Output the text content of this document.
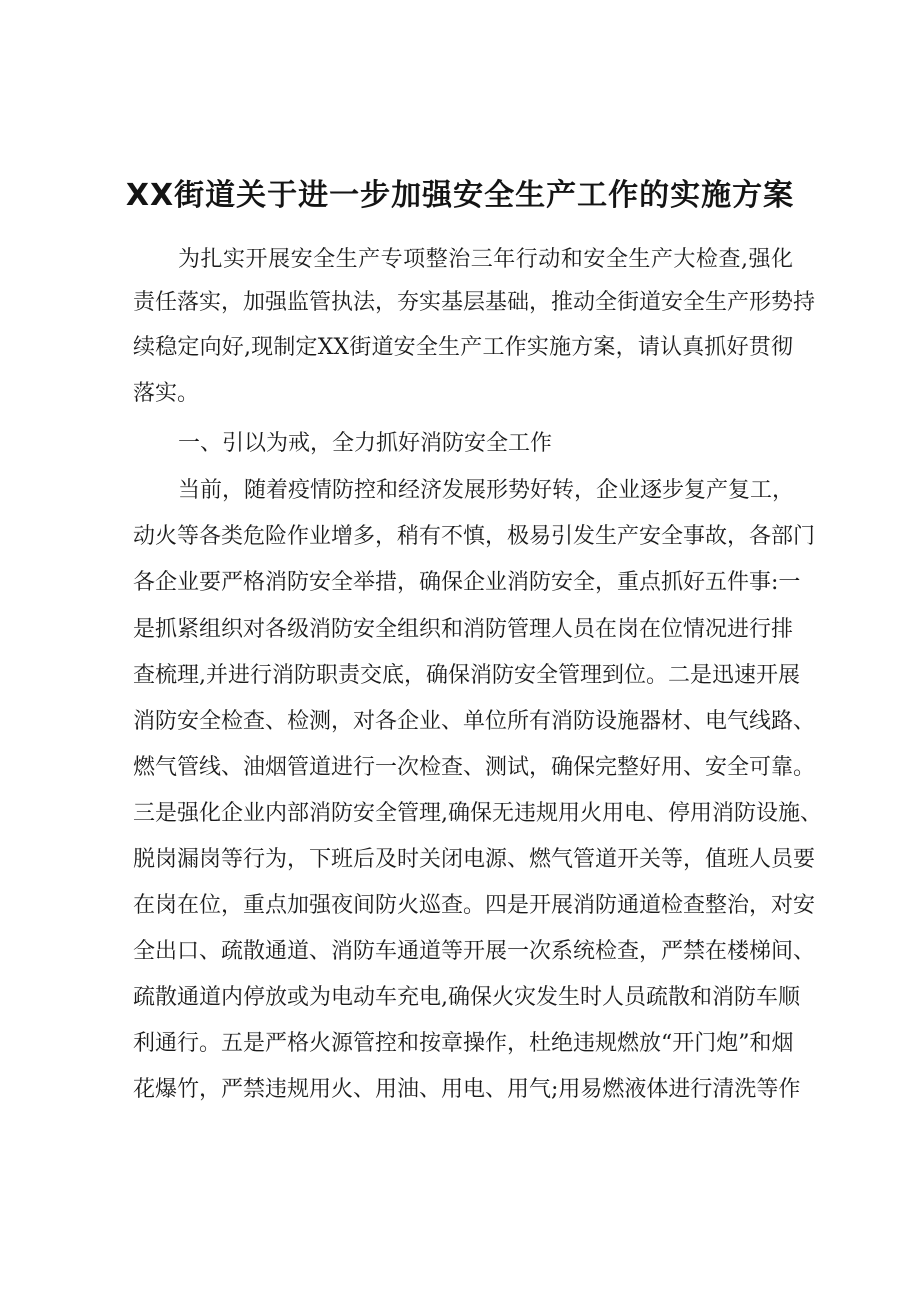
XX街道关于进一步加强安全生产工作的实施方案

为扎实开展安全生产专项整治三年行动和安全生产大检查,强化

责任落实，加强监管执法，夯实基层基础，推动全街道安全生产形势持

续稳定向好,现制定XX街道安全生产工作实施方案，请认真抓好贯彻

落实。

一、引以为戒，全力抓好消防安全工作

当前，随着疫情防控和经济发展形势好转，企业逐步复产复工，

动火等各类危险作业增多，稍有不慎，极易引发生产安全事故，各部门

各企业要严格消防安全举措，确保企业消防安全，重点抓好五件事:一

是抓紧组织对各级消防安全组织和消防管理人员在岗在位情况进行排

查梳理,并进行消防职责交底，确保消防安全管理到位。二是迅速开展

消防安全检查、检测，对各企业、单位所有消防设施器材、电气线路、

燃气管线、油烟管道进行一次检查、测试，确保完整好用、安全可靠。

三是强化企业内部消防安全管理,确保无违规用火用电、停用消防设施、

脱岗漏岗等行为，下班后及时关闭电源、燃气管道开关等，值班人员要

在岗在位，重点加强夜间防火巡查。四是开展消防通道检查整治，对安

全出口、疏散通道、消防车通道等开展一次系统检查，严禁在楼梯间、

疏散通道内停放或为电动车充电,确保火灾发生时人员疏散和消防车顺

利通行。五是严格火源管控和按章操作，杜绝违规燃放“开门炮”和烟

花爆竹，严禁违规用火、用油、用电、用气;用易燃液体进行清洗等作
